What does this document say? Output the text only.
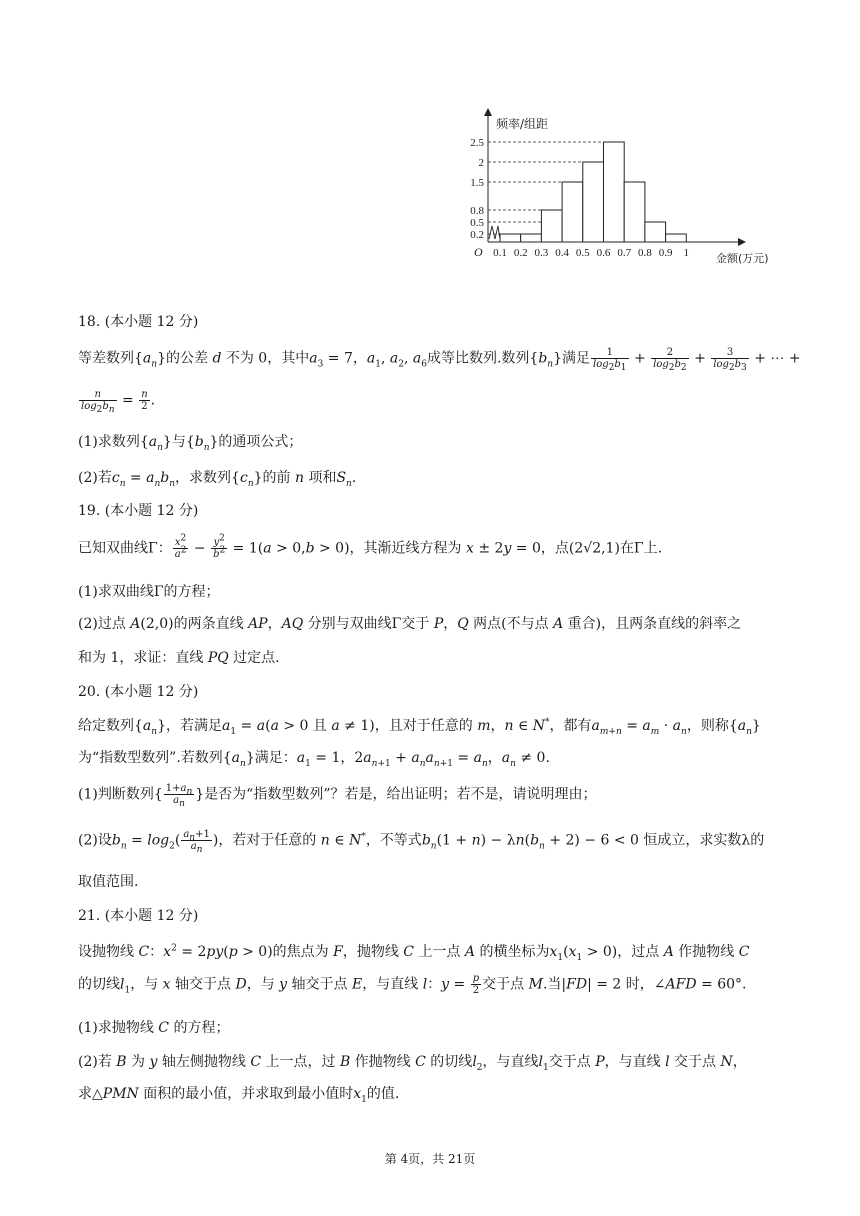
2.5
2
1.5
0.8
0.5
0.2
0.1 0.2 0.3 0.4 0.5 0.6 0.7 0.8 0.9 1
O
频率/组距
金额(万元)
18. (本小题 12 分)
等差数列$\{a_n\}$的公差 d 不为 0，其中$a_3 = 7$，$a_1$, $a_2$, $a_6$成等比数列.数列$\{b_n\}$满足 $\frac{1}{\log_2b_1} + \frac{2}{\log_2b_2} + \frac{3}{\log_2b_3}$ + ⋯ +
$\frac{n}{\log_2b_n} = \frac{n}{2}$ .
(1)求数列$\{a_n\}$与$\{b_n\}$的通项公式；
(2)若$c_n = a_nb_n$，求数列$\{c_n\}$的前 n 项和$S_n$.
19. (本小题 12 分)
已知双曲线Γ： $\frac{x^2}{a^2} - \frac{y^2}{b^2} = 1(a > 0,b > 0)$，其渐近线方程为 x ± 2y = 0，点(2√2,1)在Γ上.
(1)求双曲线Γ的方程；
(2)过点 A(2,0)的两条直线 AP，AQ 分别与双曲线Γ交于 P，Q 两点(不与点 A 重合)，且两条直线的斜率之
和为 1，求证：直线 PQ 过定点.
20. (本小题 12 分)
给定数列$\{a_n\}$，若满足$a_1 = a(a > 0$ 且 a ≠ 1)，且对于任意的 m，n ∈ N*，都有$a_{m+n} = a_m \cdot a_n$，则称$\{a_n\}$
为“指数型数列”.若数列$\{a_n\}$满足：$a_1 = 1$，$2a_{n+1} + a_na_{n+1} = a_n$，$a_n \ne 0$.
(1)判断数列{ $\frac{1+a_n}{a_n}$ }是否为“指数型数列”？若是，给出证明；若不是，请说明理由；
(2)设$b_n = \log_2( \frac{a_n+1}{a_n}$ )，若对于任意的 n ∈ N*，不等式$b_n(1 + n) - \lambda n(b_n + 2) - 6 < 0$ 恒成立，求实数λ的
取值范围.
21. (本小题 12 分)
设抛物线 C：$x^2 = 2py(p > 0)$的焦点为 F，抛物线 C 上一点 A 的横坐标为$x_1(x_1 > 0)$，过点 A 作抛物线 C
的切线$l_1$，与 x 轴交于点 D，与 y 轴交于点 E，与直线 l：$y = \frac{p}{2}$ 交于点 M.当|FD| = 2 时，∠AFD = 60°.
(1)求抛物线 C 的方程；
(2)若 B 为 y 轴左侧抛物线 C 上一点，过 B 作抛物线 C 的切线$l_2$，与直线$l_1$交于点 P，与直线 l 交于点 N，
求△PMN 面积的最小值，并求取到最小值时$x_1$的值.
第 4页，共 21页
